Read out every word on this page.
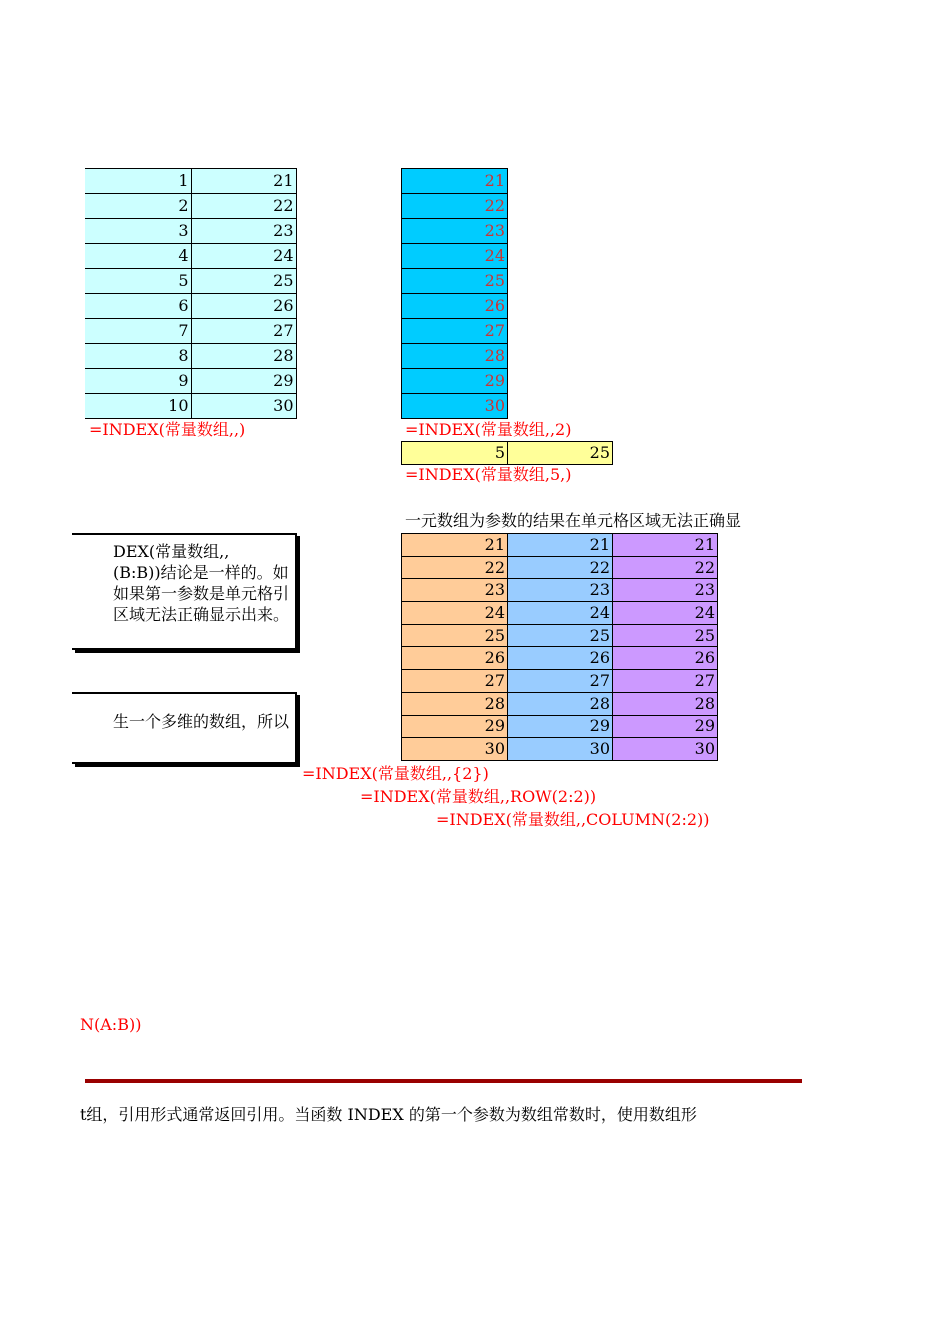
1	21
2	22
3	23
4	24
5	25
6	26
7	27
8	28
9	29
10	30
=INDEX(常量数组,,)
21
22
23
24
25
26
27
28
29
30
=INDEX(常量数组,,2)
5	25
=INDEX(常量数组,5,)
一元数组为参数的结果在单元格区域无法正确显
21	21	21
22	22	22
23	23	23
24	24	24
25	25	25
26	26	26
27	27	27
28	28	28
29	29	29
30	30	30
=INDEX(常量数组,,{2})
=INDEX(常量数组,,ROW(2:2))
=INDEX(常量数组,,COLUMN(2:2))
DEX(常量数组,,
(B:B))结论是一样的。如
如果第一参数是单元格引
区域无法正确显示出来。
生一个多维的数组，所以
N(A:B))
t组，引用形式通常返回引用。当函数 INDEX 的第一个参数为数组常数时，使用数组形
